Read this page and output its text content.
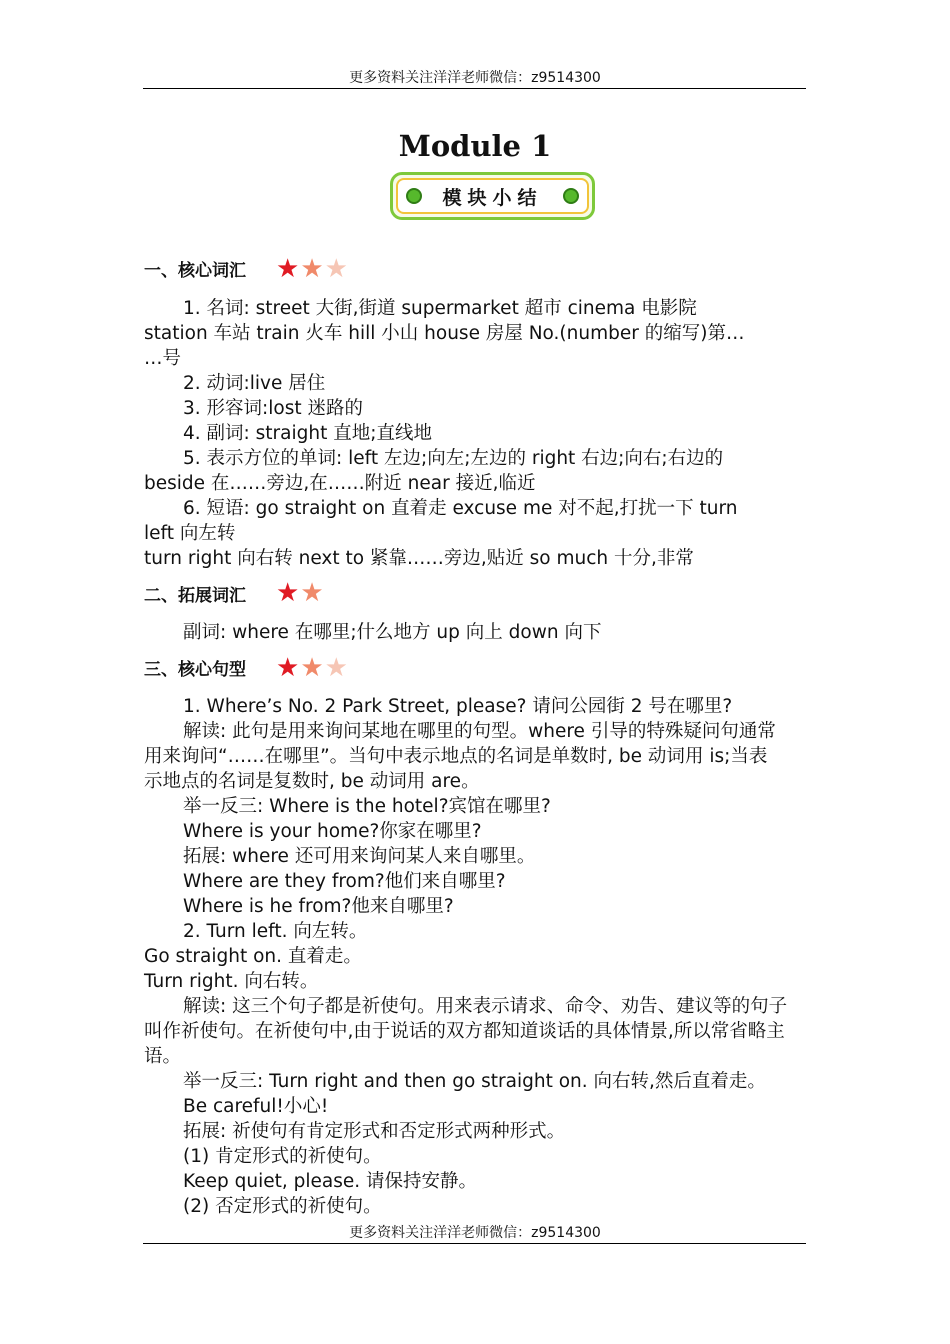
更多资料关注洋洋老师微信：z9514300
Module 1
模块小结
一、核心词汇	★ ★ ★
1. 名词: street 大街,街道 supermarket 超市 cinema 电影院
station 车站 train 火车 hill 小山 house 房屋 No.(number 的缩写)第…
…号
2. 动词:live 居住
3. 形容词:lost 迷路的
4. 副词: straight 直地;直线地
5. 表示方位的单词: left 左边;向左;左边的 right 右边;向右;右边的
beside 在……旁边,在……附近 near 接近,临近
6. 短语: go straight on 直着走 excuse me 对不起,打扰一下 turn
left 向左转
turn right 向右转 next to 紧靠……旁边,贴近 so much 十分,非常
二、拓展词汇	★ ★
副词: where 在哪里;什么地方 up 向上 down 向下
三、核心句型	★ ★ ★
1. Where’s No. 2 Park Street, please? 请问公园街 2 号在哪里?
解读: 此句是用来询问某地在哪里的句型。where 引导的特殊疑问句通常
用来询问“……在哪里”。当句中表示地点的名词是单数时, be 动词用 is;当表
示地点的名词是复数时, be 动词用 are。
举一反三: Where is the hotel?宾馆在哪里?
Where is your home?你家在哪里?
拓展: where 还可用来询问某人来自哪里。
Where are they from?他们来自哪里?
Where is he from?他来自哪里?
2. Turn left. 向左转。
Go straight on. 直着走。
Turn right. 向右转。
解读: 这三个句子都是祈使句。用来表示请求、命令、劝告、建议等的句子
叫作祈使句。在祈使句中,由于说话的双方都知道谈话的具体情景,所以常省略主
语。
举一反三: Turn right and then go straight on. 向右转,然后直着走。
Be careful!小心!
拓展: 祈使句有肯定形式和否定形式两种形式。
(1) 肯定形式的祈使句。
Keep quiet, please. 请保持安静。
(2) 否定形式的祈使句。
更多资料关注洋洋老师微信：z9514300
